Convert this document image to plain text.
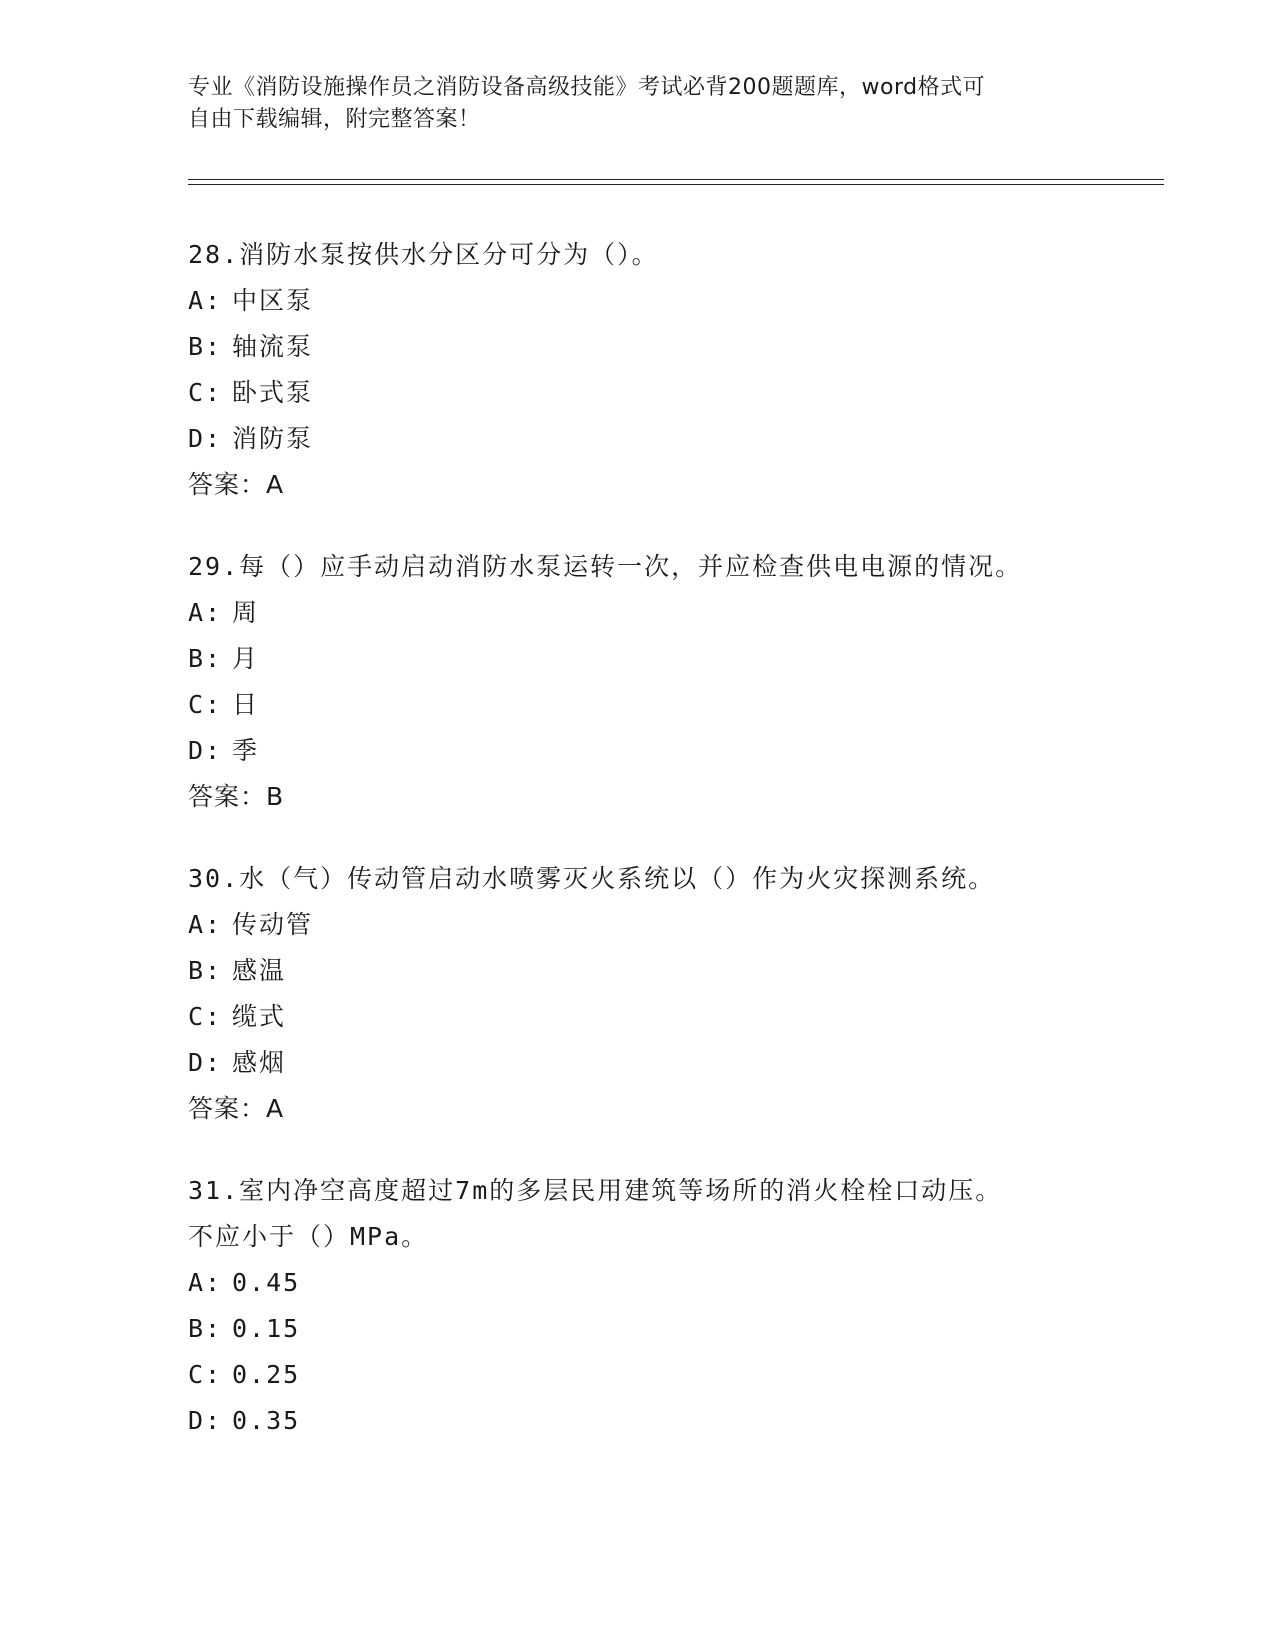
专业《消防设施操作员之消防设备高级技能》考试必背200题题库，word格式可
自由下载编辑，附完整答案！
28.消防水泵按供水分区分可分为（）。
A: 中区泵
B: 轴流泵
C: 卧式泵
D: 消防泵
答案：A
29.每（）应手动启动消防水泵运转一次，并应检查供电电源的情况。
A: 周
B: 月
C: 日
D: 季
答案：B
30.水（气）传动管启动水喷雾灭火系统以（）作为火灾探测系统。
A: 传动管
B: 感温
C: 缆式
D: 感烟
答案：A
31.室内净空高度超过7m的多层民用建筑等场所的消火栓栓口动压。
不应小于（）MPa。
A: 0.45
B: 0.15
C: 0.25
D: 0.35
